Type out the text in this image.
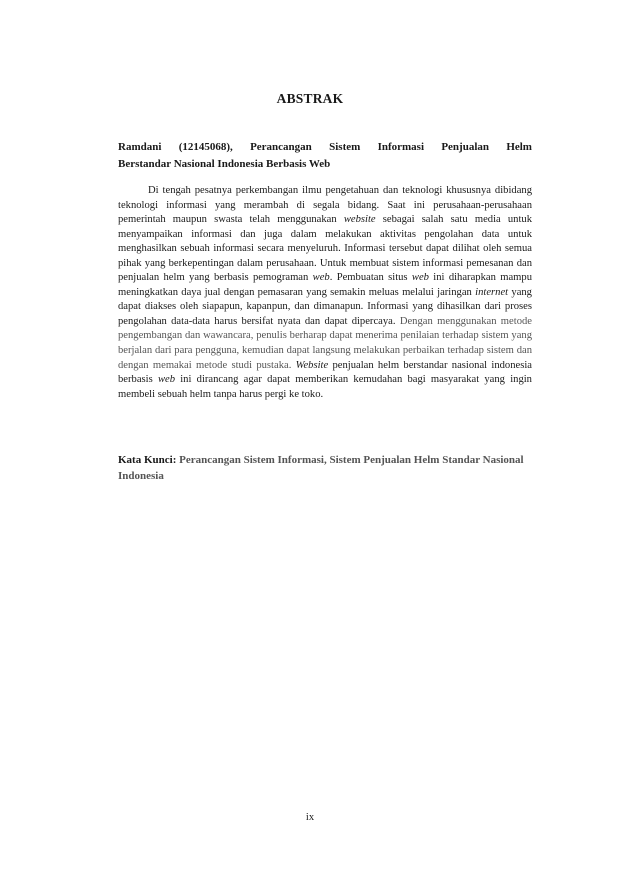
ABSTRAK
Ramdani (12145068), Perancangan Sistem Informasi Penjualan Helm
Berstandar Nasional Indonesia Berbasis Web

Di tengah pesatnya perkembangan ilmu pengetahuan dan teknologi khususnya dibidang teknologi informasi yang merambah di segala bidang. Saat ini perusahaan-perusahaan pemerintah maupun swasta telah menggunakan website sebagai salah satu media untuk menyampaikan informasi dan juga dalam melakukan aktivitas pengolahan data untuk menghasilkan sebuah informasi secara menyeluruh. Informasi tersebut dapat dilihat oleh semua pihak yang berkepentingan dalam perusahaan. Untuk membuat sistem informasi pemesanan dan penjualan helm yang berbasis pemograman web. Pembuatan situs web ini diharapkan mampu meningkatkan daya jual dengan pemasaran yang semakin meluas melalui jaringan internet yang dapat diakses oleh siapapun, kapanpun, dan dimanapun. Informasi yang dihasilkan dari proses pengolahan data-data harus bersifat nyata dan dapat dipercaya. Dengan menggunakan metode pengembangan dan wawancara, penulis berharap dapat menerima penilaian terhadap sistem yang berjalan dari para pengguna, kemudian dapat langsung melakukan perbaikan terhadap sistem dan dengan memakai metode studi pustaka. Website penjualan helm berstandar nasional indonesia berbasis web ini dirancang agar dapat memberikan kemudahan bagi masyarakat yang ingin membeli sebuah helm tanpa harus pergi ke toko.

Kata Kunci: Perancangan Sistem Informasi, Sistem Penjualan Helm Standar Nasional Indonesia
ix
